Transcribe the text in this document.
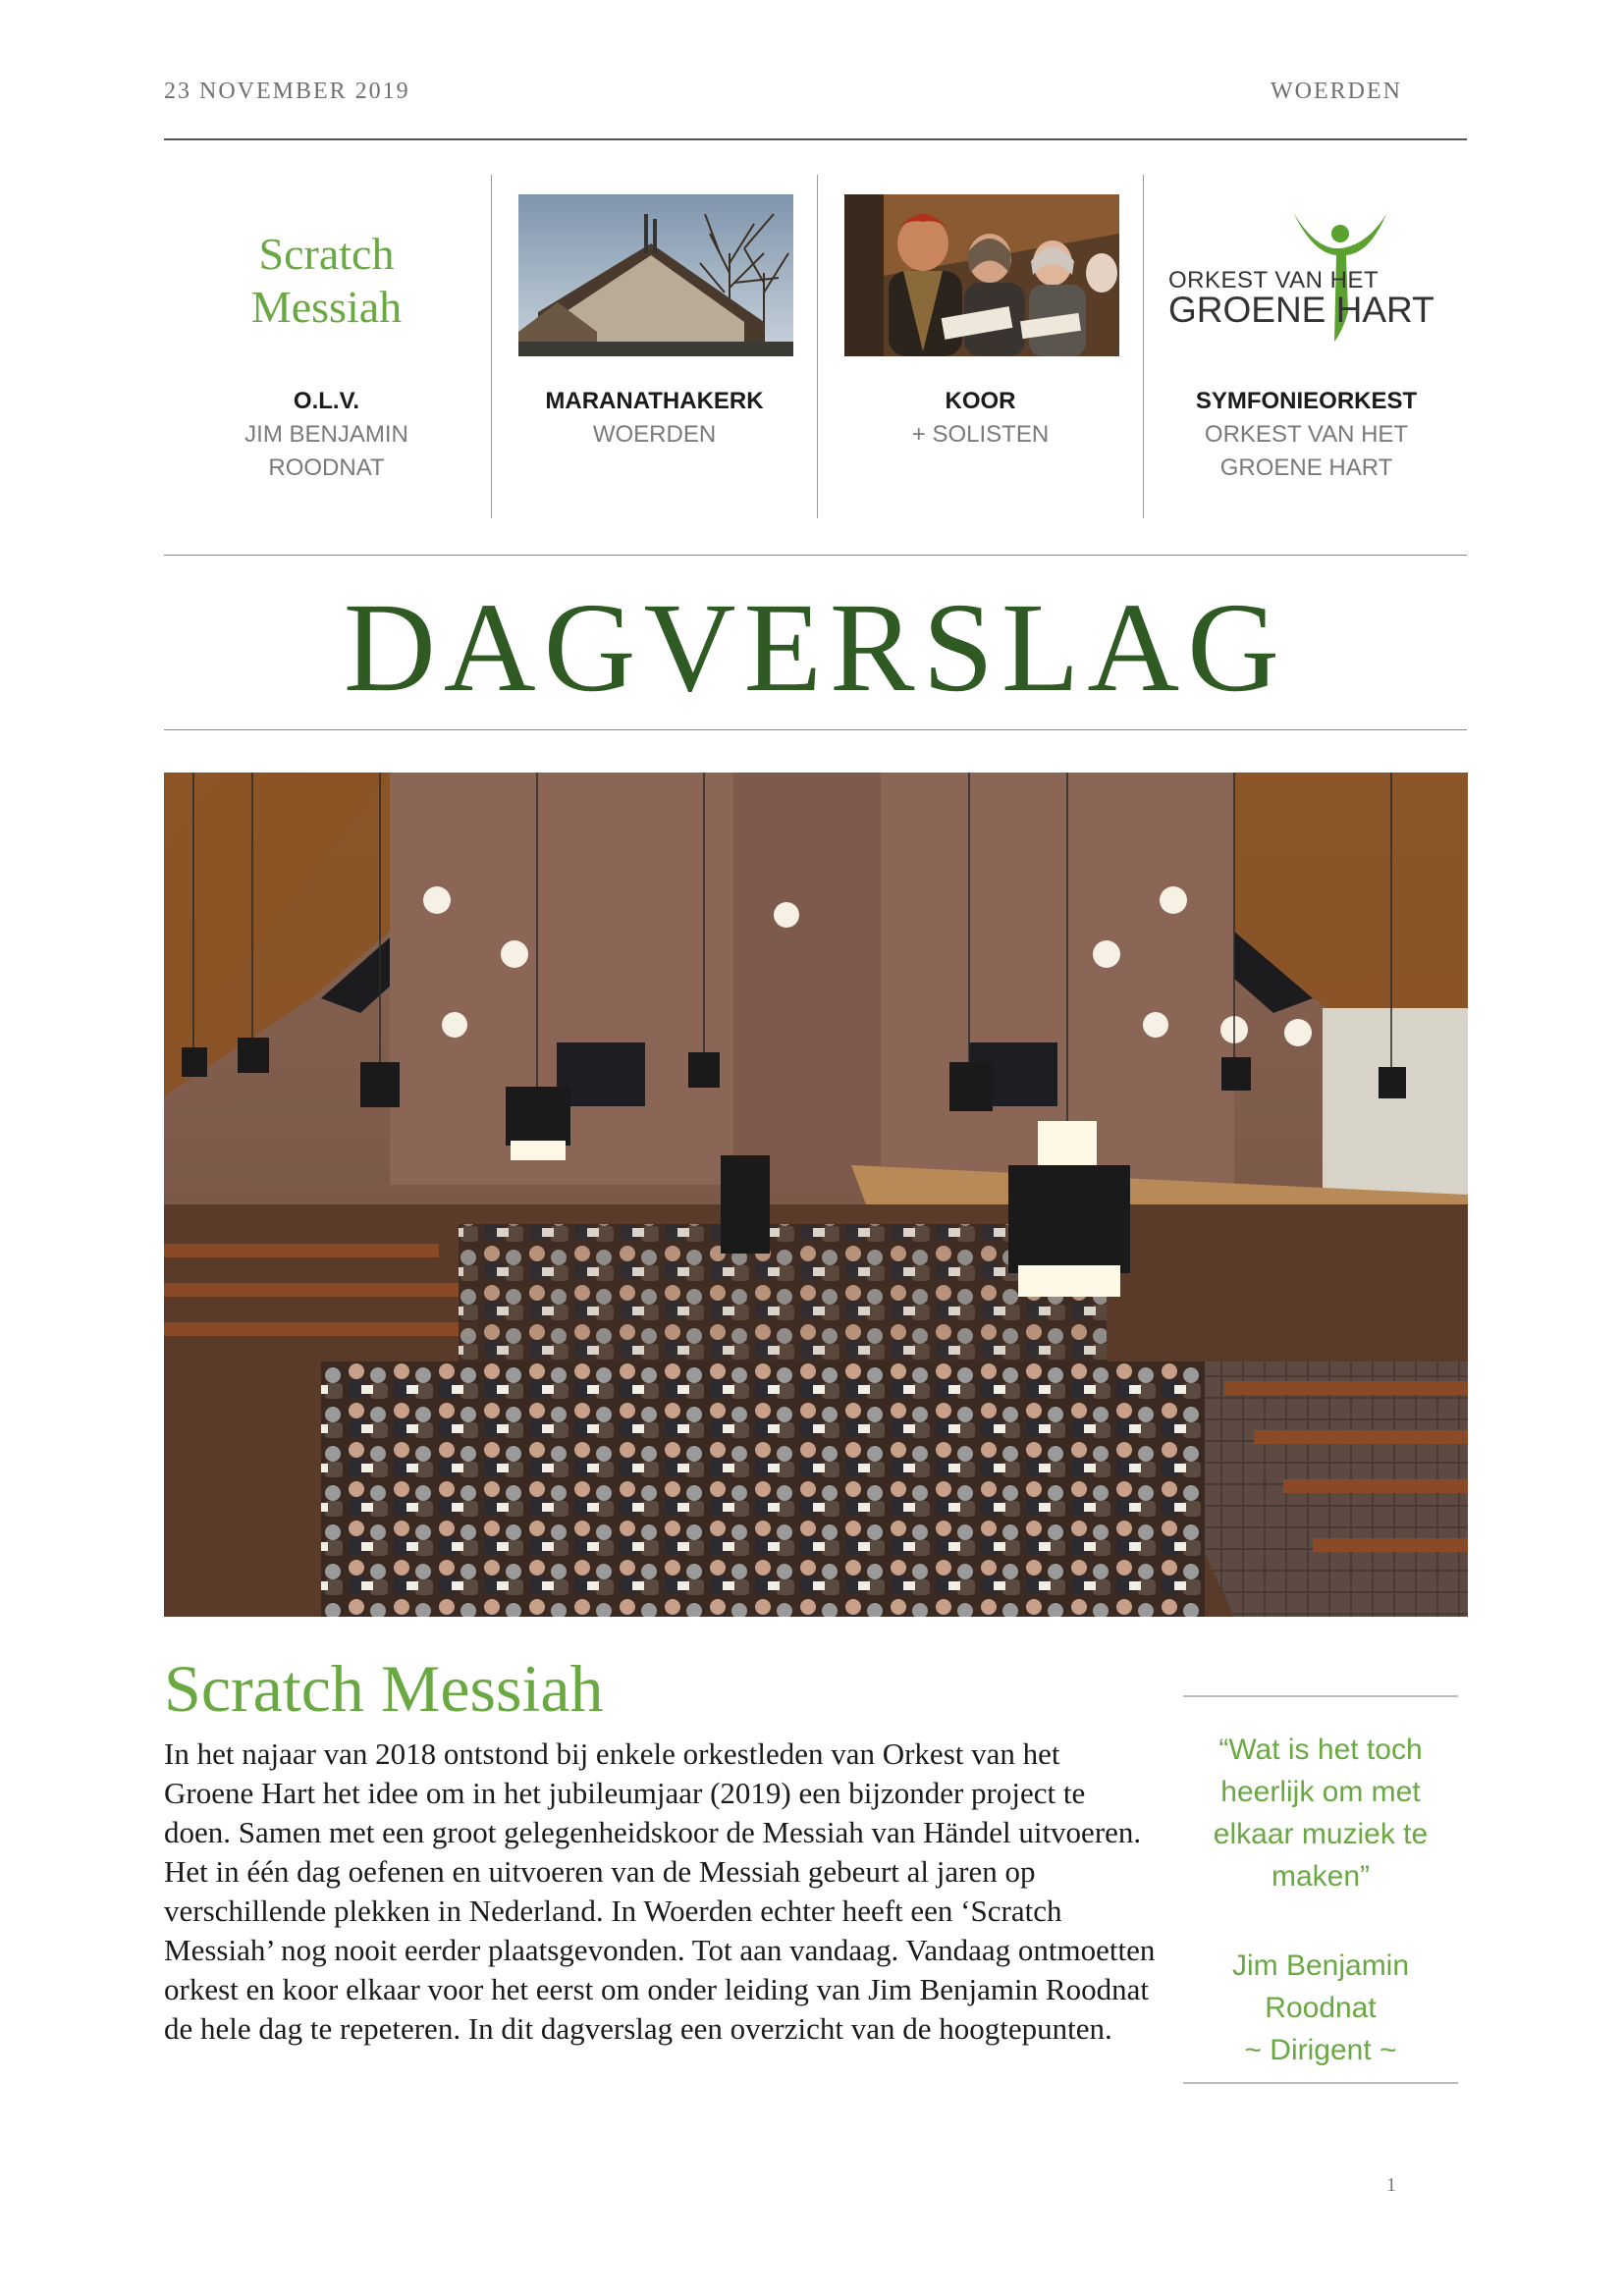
23 NOVEMBER 2019	WOERDEN
Scratch
Messiah
O.L.V.
JIM BENJAMIN
ROODNAT
MARANATHAKERK
WOERDEN
KOOR
+ SOLISTEN
ORKEST VAN HET
GROENE HART
SYMFONIEORKEST
ORKEST VAN HET
GROENE HART
DAGVERSLAG
Scratch Messiah
In het najaar van 2018 ontstond bij enkele orkestleden van Orkest van het Groene Hart het idee om in het jubileumjaar (2019) een bijzonder project te doen. Samen met een groot gelegenheidskoor de Messiah van Händel uitvoeren. Het in één dag oefenen en uitvoeren van de Messiah gebeurt al jaren op verschillende plekken in Nederland. In Woerden echter heeft een ‘Scratch Messiah’ nog nooit eerder plaatsgevonden. Tot aan vandaag. Vandaag ontmoetten orkest en koor elkaar voor het eerst om onder leiding van Jim Benjamin Roodnat de hele dag te repeteren. In dit dagverslag een overzicht van de hoogtepunten.
“Wat is het toch heerlijk om met elkaar muziek te maken”
Jim Benjamin
Roodnat
~ Dirigent ~
1
